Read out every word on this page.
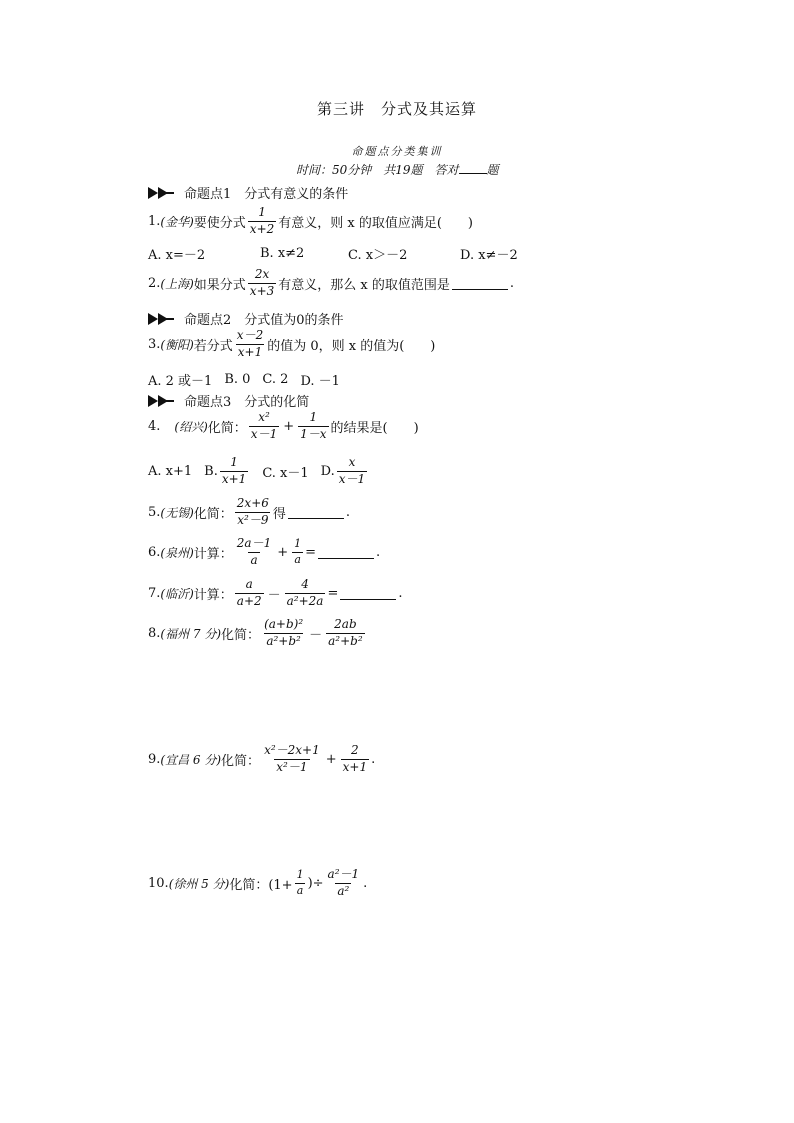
第三讲　分式及其运算
命题点分类集训
时间：50分钟　共19题　答对 题
命题点1　分式有意义的条件
1. (金华) 要使分式 $\frac{1}{x+2}$ 有意义，则 x 的取值应满足(　　)
A. x=－2	B. x≠2	C. x＞－2	D. x≠－2
2. (上海) 如果分式 $\frac{2x}{x+3}$ 有意义，那么 x 的取值范围是	.
命题点2　分式值为0的条件
3. (衡阳) 若分式 $\frac{x-2}{x+1}$ 的值为 0，则 x 的值为(　　)
A. 2 或－1 B. 0 C. 2 D. －1
命题点3　分式的化简
4. (绍兴) 化简： $\frac{\text{x²}}{x-1} + \frac{1}{1-x}$ 的结果是(　　)
A. x+1 B. $\frac{1}{x+1} C$. x－1 D. $\frac{x}{x-1}$
5. (无锡) 化简： $\frac{2x+6}{\text{x²－9}}$ 得	.
6. (泉州) 计算： $\frac{2a-1}{a} + \frac{1}{a}$ =	.
7. (临沂) 计算： $\frac{a}{a+2} - \frac{4}{\text{a²+2a}}$ =	.
8. (福州 7 分) 化简： $\frac{\text{(a+b)²}}{\text{a²+b²}} - \frac{2ab}{\text{a²+b²}}$
9. (宜昌 6 分) 化简： $\frac{\text{x²－2x+1}}{\text{x²－1}} + \frac{2}{x+1}$ .
10. (徐州 5 分) 化简：($1+ \frac{1}{a}$ )÷ $\frac{\text{a²－1}}{\text{a²}}$ .
